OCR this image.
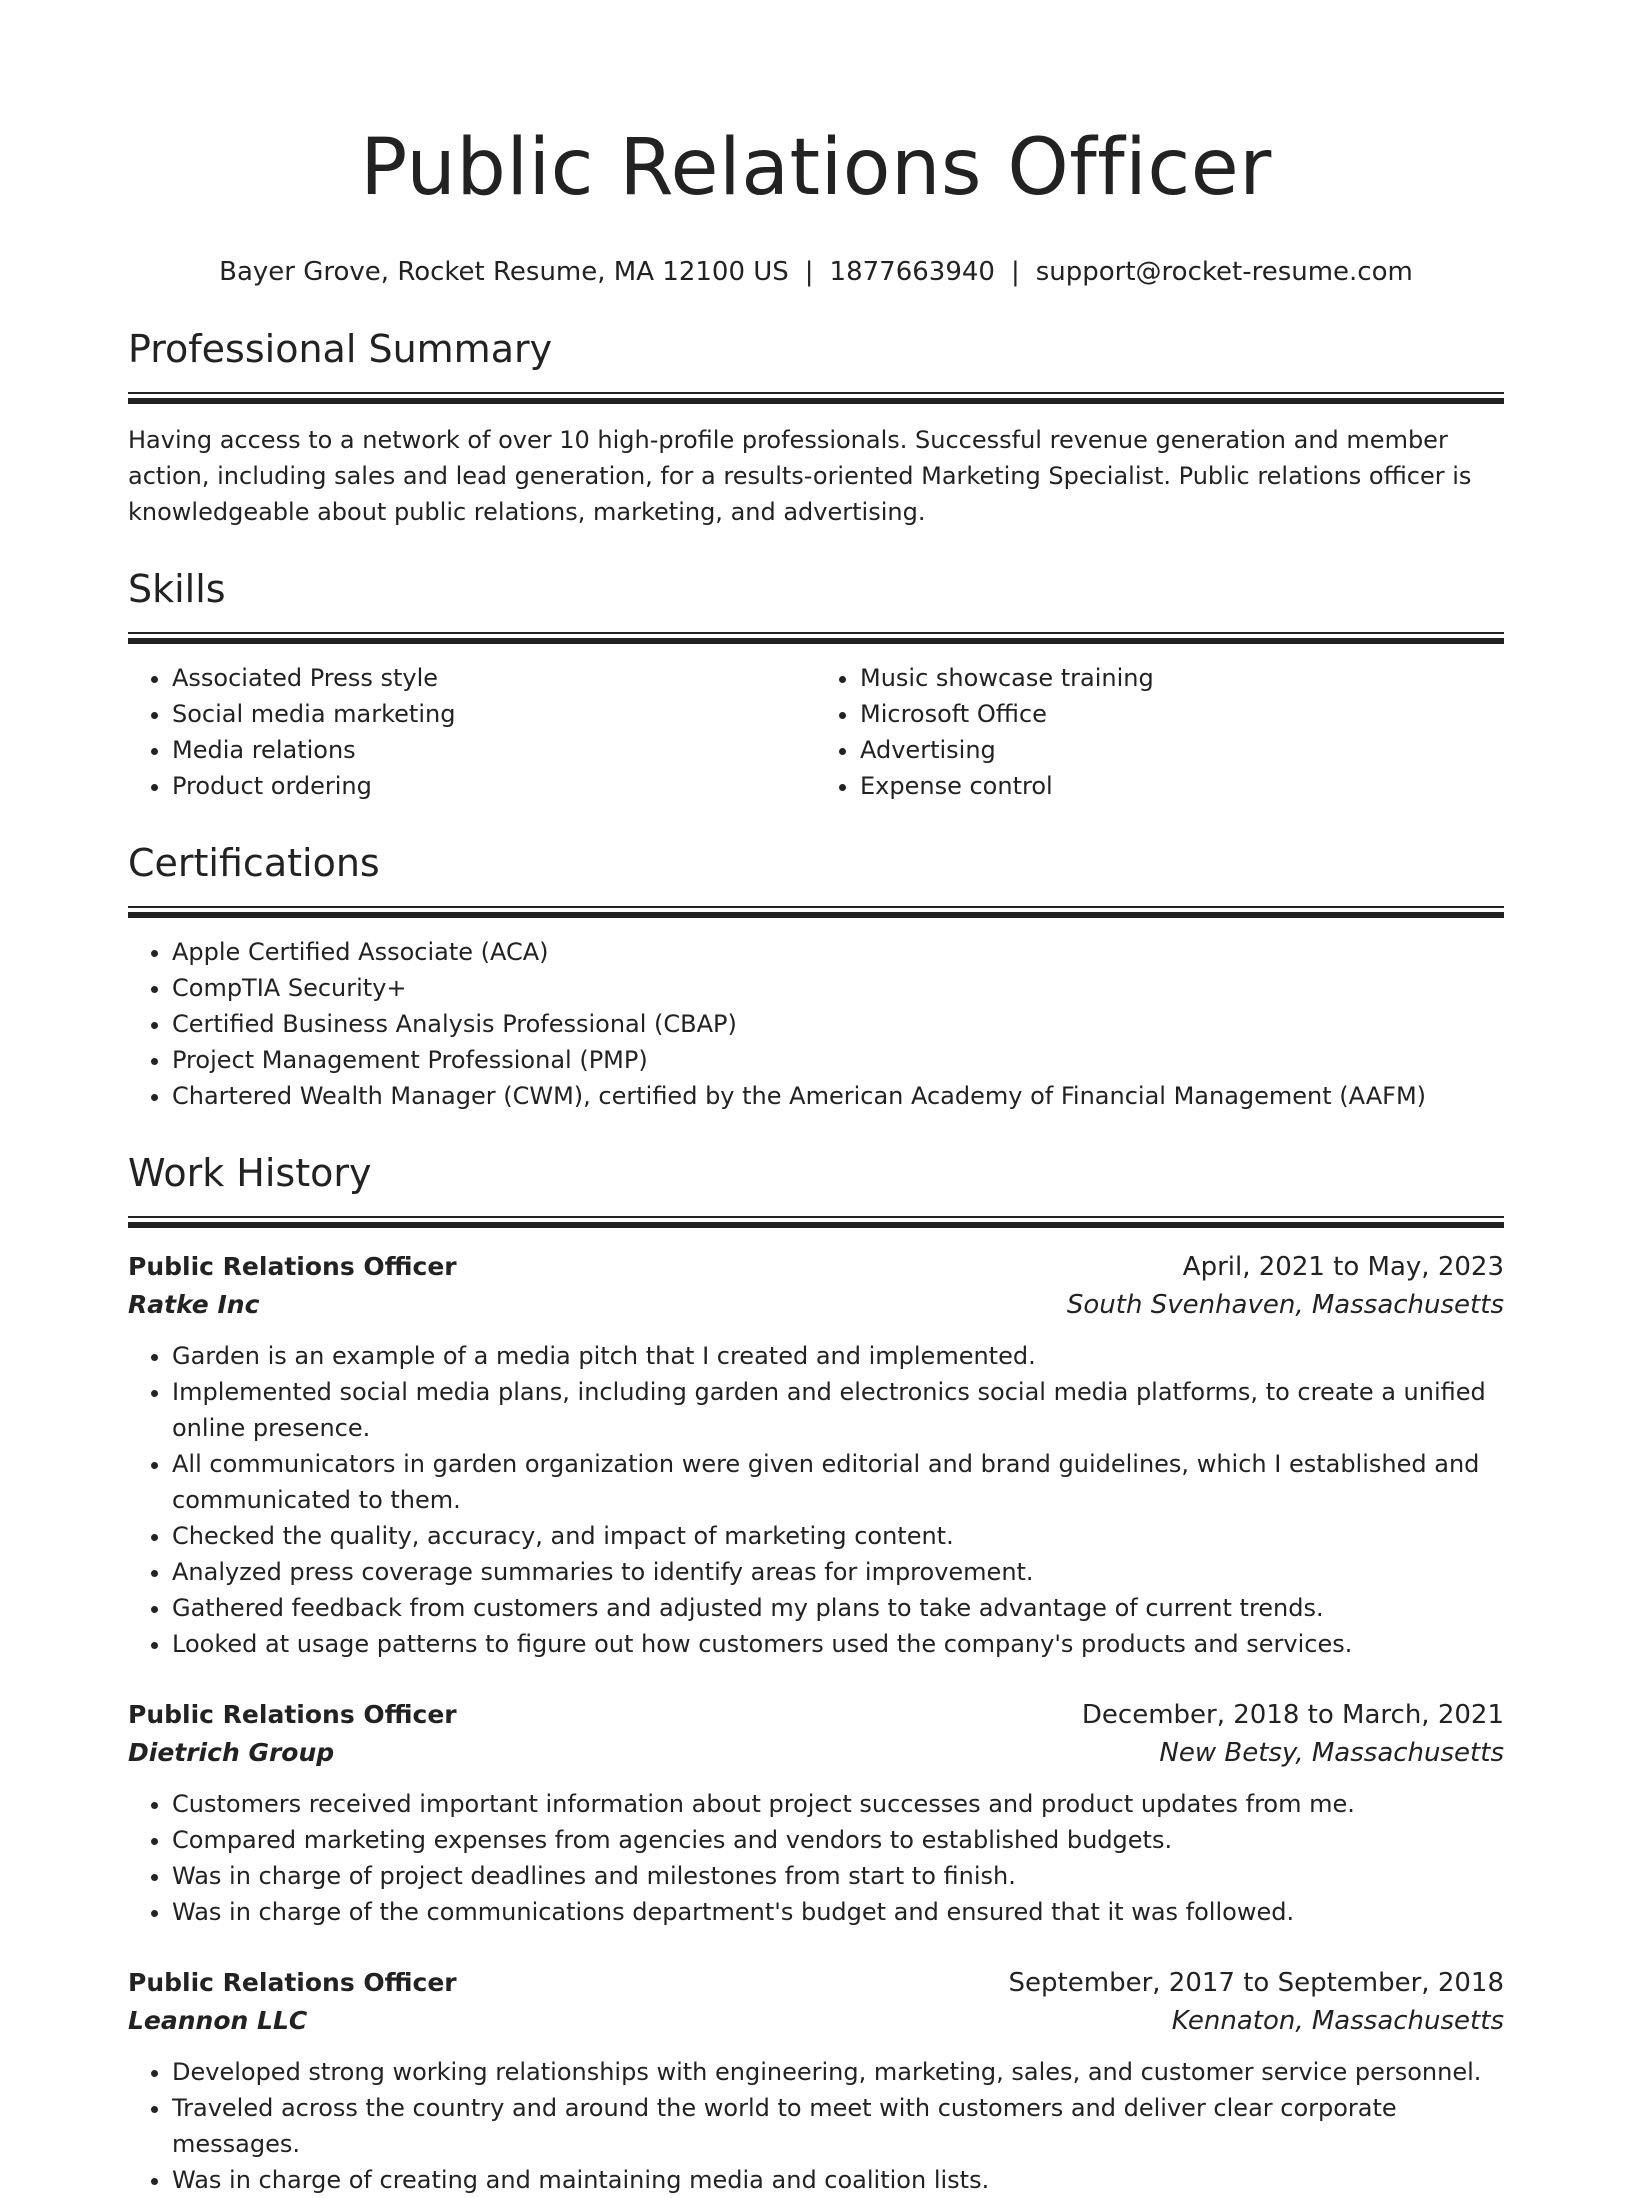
Public Relations Officer
Bayer Grove, Rocket Resume, MA 12100 US | 1877663940 | support@rocket-resume.com
Professional Summary

Having access to a network of over 10 high-profile professionals. Successful revenue generation and member action, including sales and lead generation, for a results-oriented Marketing Specialist. Public relations officer is knowledgeable about public relations, marketing, and advertising.

Skills
• Associated Press style
• Social media marketing
• Media relations
• Product ordering
• Music showcase training
• Microsoft Office
• Advertising
• Expense control
Certifications
• Apple Certified Associate (ACA)
• CompTIA Security+
• Certified Business Analysis Professional (CBAP)
• Project Management Professional (PMP)
• Chartered Wealth Manager (CWM), certified by the American Academy of Financial Management (AAFM)
Work History
Public Relations Officer	April, 2021 to May, 2023
Ratke Inc	South Svenhaven, Massachusetts
• Garden is an example of a media pitch that I created and implemented.
• Implemented social media plans, including garden and electronics social media platforms, to create a unified online presence.
• All communicators in garden organization were given editorial and brand guidelines, which I established and communicated to them.
• Checked the quality, accuracy, and impact of marketing content.
• Analyzed press coverage summaries to identify areas for improvement.
• Gathered feedback from customers and adjusted my plans to take advantage of current trends.
• Looked at usage patterns to figure out how customers used the company's products and services.
Public Relations Officer	December, 2018 to March, 2021
Dietrich Group	New Betsy, Massachusetts
• Customers received important information about project successes and product updates from me.
• Compared marketing expenses from agencies and vendors to established budgets.
• Was in charge of project deadlines and milestones from start to finish.
• Was in charge of the communications department's budget and ensured that it was followed.
Public Relations Officer	September, 2017 to September, 2018
Leannon LLC	Kennaton, Massachusetts
• Developed strong working relationships with engineering, marketing, sales, and customer service personnel.
• Traveled across the country and around the world to meet with customers and deliver clear corporate messages.
• Was in charge of creating and maintaining media and coalition lists.
